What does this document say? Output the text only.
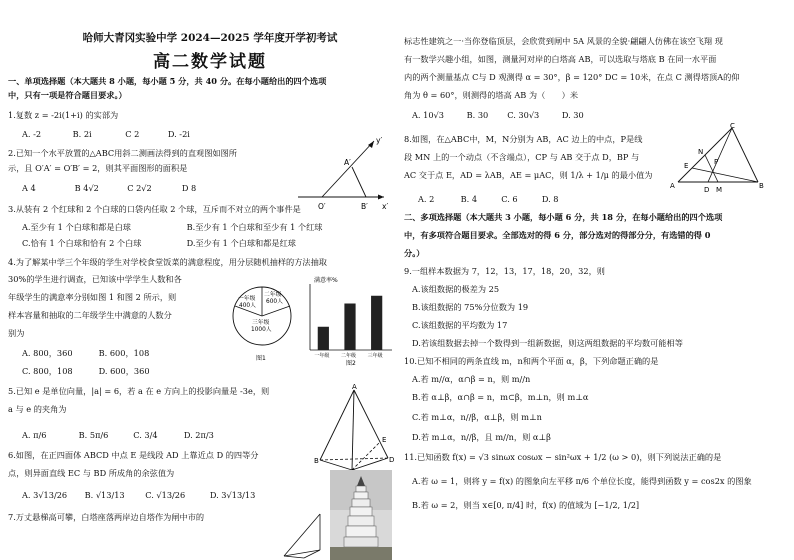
哈师大青冈实验中学 2024—2025 学年度开学初考试
高二数学试题
一、单项选择题（本大题共 8 小题，每小题 5 分，共 40 分。在每小题给出的四个选项
中，只有一项是符合题目要求。）
1.复数 z = -2i(1+i) 的实部为
A. -2	B. 2i	C 2	D. -2i
2.已知一个水平放置的△ABC用斜二测画法得到的直观图如图所
示，且 O′A′ = O′B′ = 2，则其平面图形的面积是
A 4	B 4√2	C 2√2	D 8
A′
B′
O′	x′
y′
3.从装有 2 个红球和 2 个白球的口袋内任取 2 个球，互斥而不对立的两个事件是
A.至少有 1 个白球和都是白球	B.至少有 1 个白球和至少有 1 个红球
C.恰有 1 个白球和恰有 2 个白球	D.至少有 1 个白球和都是红球
4.为了解某中学三个年级的学生对学校食堂饭菜的满意程度，用分层随机抽样的方法抽取
30%的学生进行调查，已知该中学学生人数和各
年级学生的满意率分别如图 1 和图 2 所示，则
样本容量和抽取的二年级学生中满意的人数分
别为
A. 800，360	B. 600，108
C. 800，108	D. 600，360
二年级
600人
一年级
400人
三年级
1000人
图1
满意率%
一年级 二年级 三年级
图2
5.已知 e 是单位向量，|a| = 6，若 a 在 e 方向上的投影向量是 -3e，则
a 与 e 的夹角为
A. π/6	B. 5π/6	C. 3/4	D. 2π/3
A
B	D
E
6.如图，在正四面体 ABCD 中点 E 是线段 AD 上靠近点 D 的四等分
点，则异面直线 EC 与 BD 所成角的余弦值为
A. 3√13/26 B. √13/13	C. √13/26	D. 3√13/13
7.万丈悬梯高可攀，白塔座落两岸边自塔作为闸中市的
标志性建筑之一·当你登临顶层，会欣赏到闸中 5A 风景的全貌·翩翩人仿佛在该空飞翔 现
有一数学兴趣小组，如图，测量河对岸的白塔高 AB，可以选取与塔底 B 在同一水平面
内的两个测量基点 C与 D 观测得 α = 30°，β = 120° DC = 10米，在点 C 测得塔顶A的仰
角为 θ = 60°，则测得的塔高 AB 为（　　）米
A. 10√3	B. 30 C. 30√3	D. 30
8.如图，在△ABC中，M，N分别为 AB，AC 边上的中点，P是线
段 MN 上的一个动点（不含端点），CP 与 AB 交于点 D，BP 与
AC 交于点 E，AD = λAB，AE = μAC，则 1/λ + 1/μ 的最小值为
A. 2	B. 4	C. 6	D. 8
A	B
C
N
E	P
D M
二、多项选择题（本大题共 3 小题，每小题 6 分，共 18 分，在每小题给出的四个选项
中，有多项符合题目要求。全部选对的得 6 分，部分选对的得部分分，有选错的得 0
分。）
9.一组样本数据为 7，12，13，17，18，20，32，则
A.该组数据的极差为 25
B.该组数据的 75%分位数为 19
C.该组数据的平均数为 17
D.若该组数据去掉一个数得到一组新数据，则这两组数据的平均数可能相等
10.已知不相同的两条直线 m，n和两个平面 α，β，下列命题正确的是
A.若 m//α，α∩β = n，则 m//n
B.若 α⊥β，α∩β = n，m⊂β，m⊥n，则 m⊥α
C.若 m⊥α，n//β，α⊥β，则 m⊥n
D.若 m⊥α，n//β，且 m//n，则 α⊥β
11.已知函数 f(x) = √3 sinωx cosωx − sin²ωx + 1/2 (ω > 0)，则下列说法正确的是
A.若 ω = 1，则将 y = f(x) 的图象向左平移 π/6 个单位长度，能得到函数 y = cos2x 的图象
B.若 ω = 2，则当 x∈[0, π/4] 时，f(x) 的值域为 [−1/2, 1/2]
